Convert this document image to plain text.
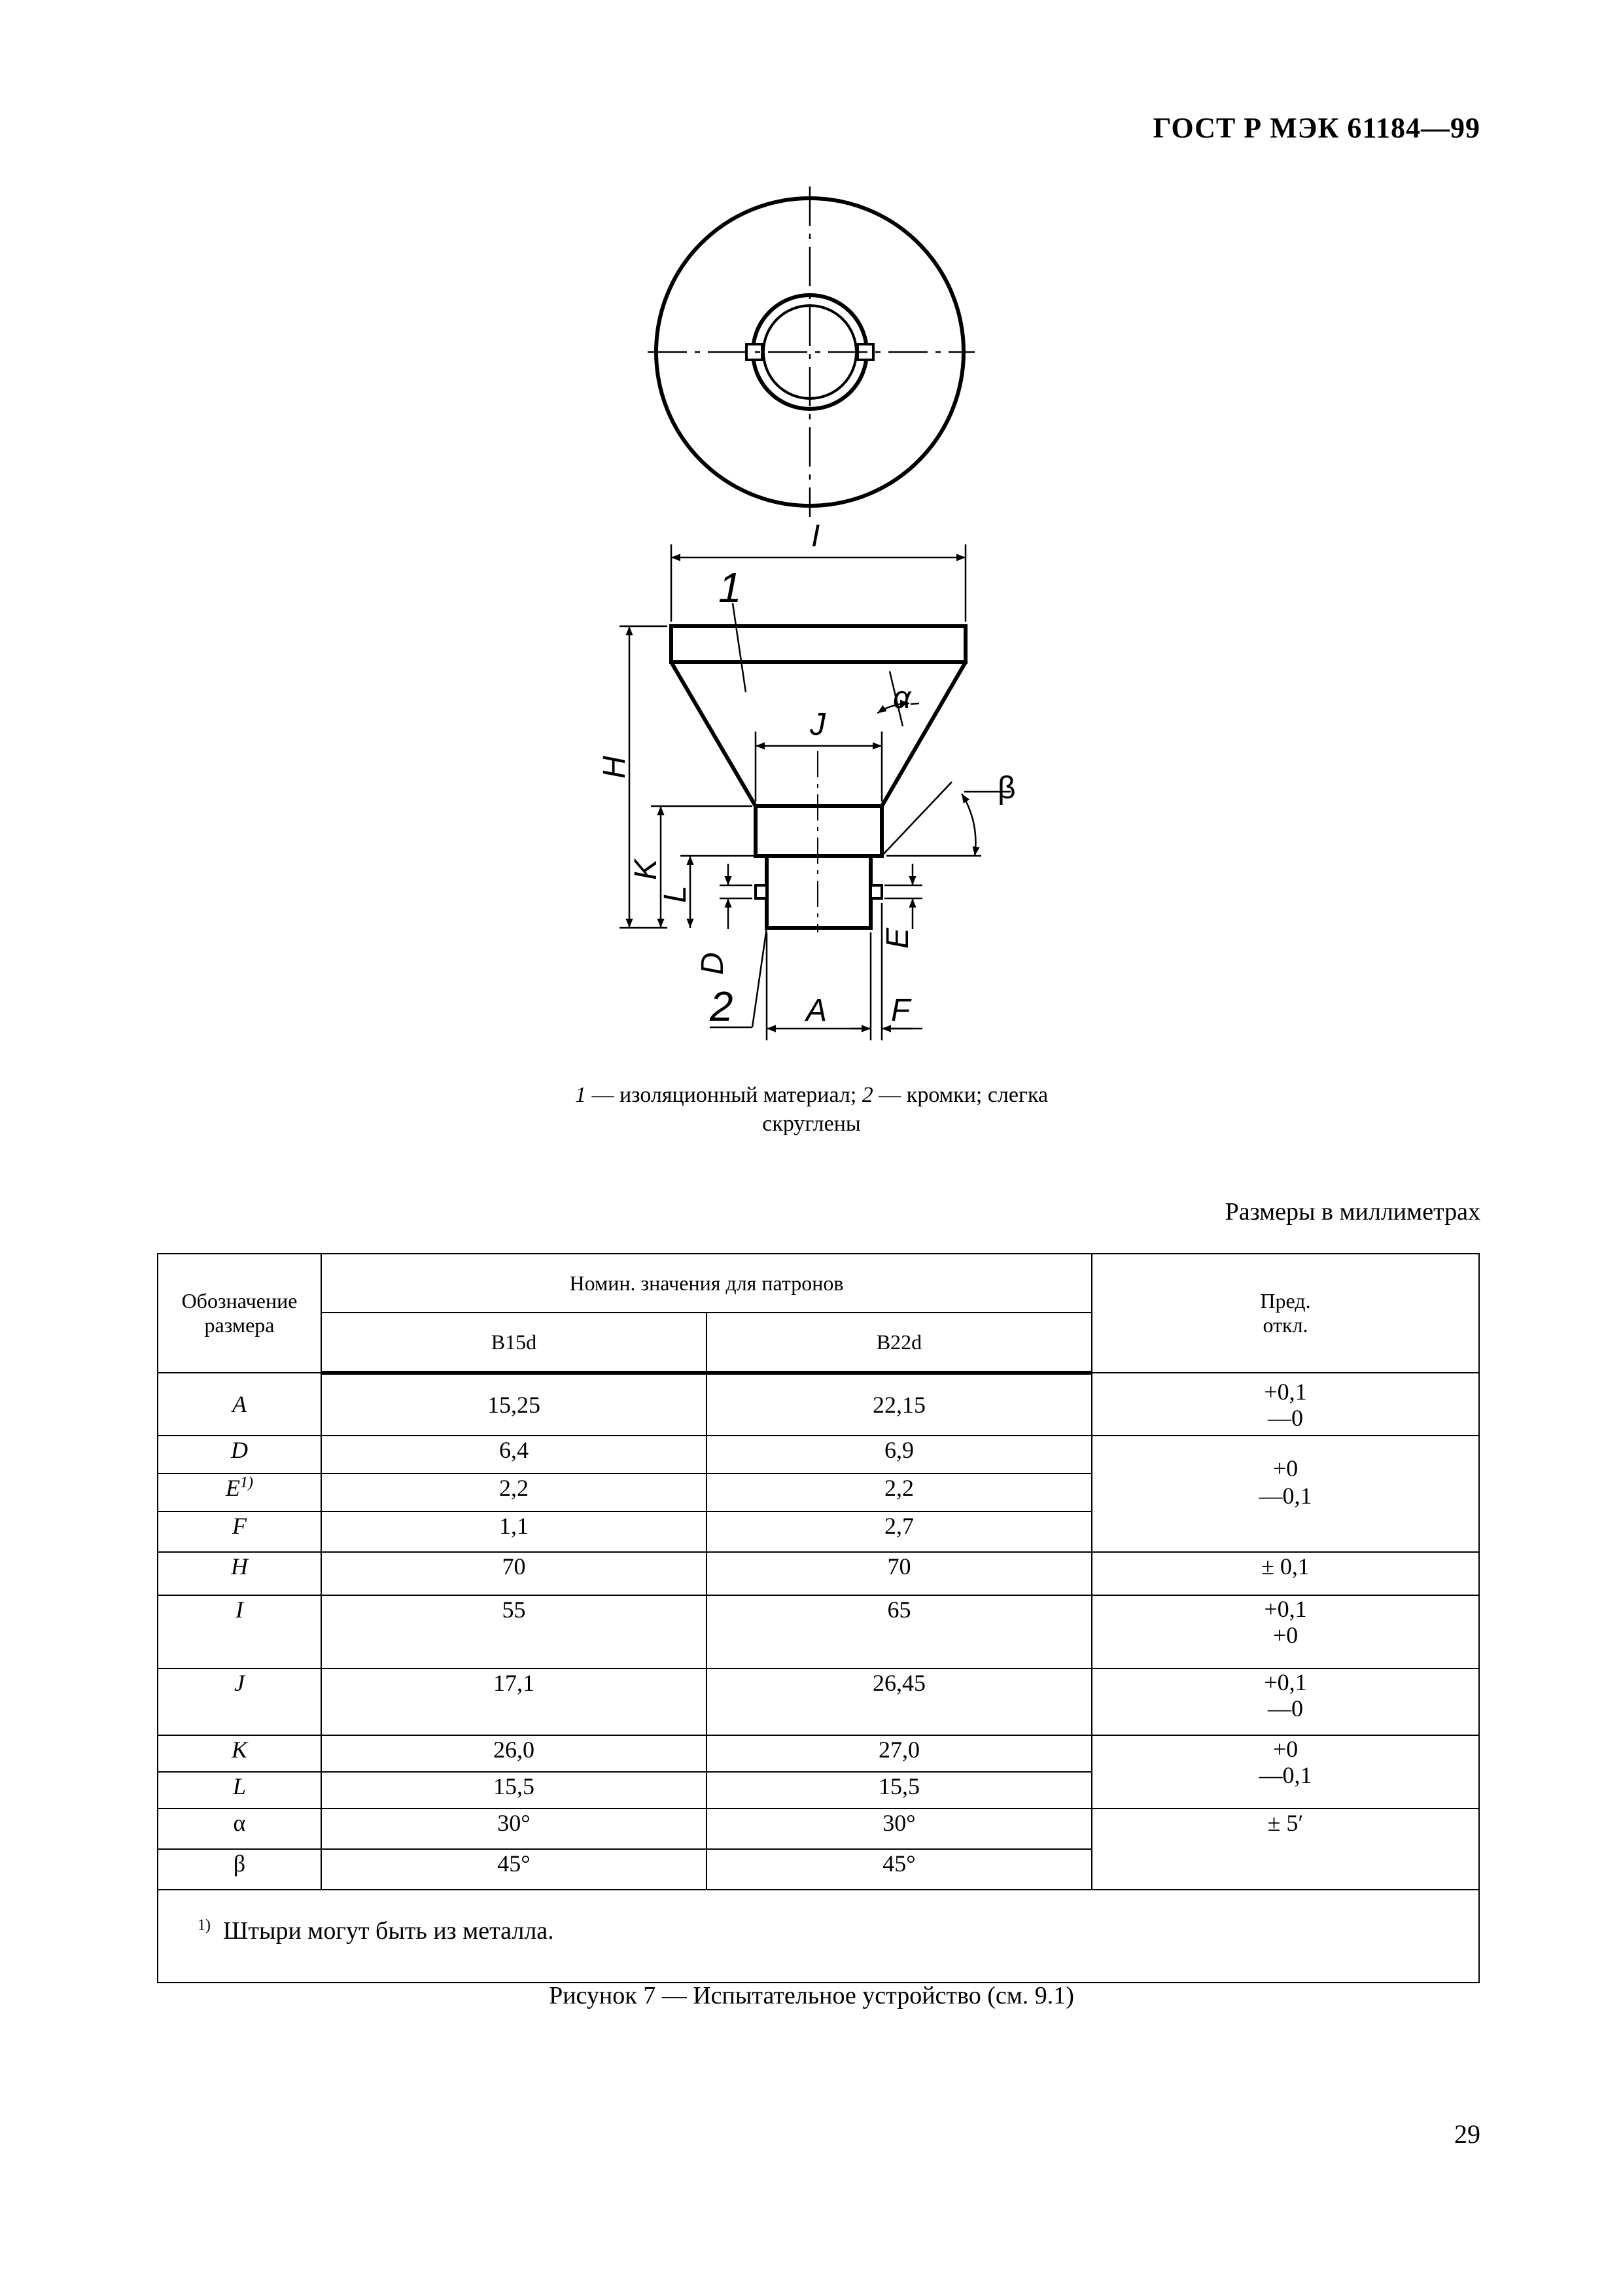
ГОСТ Р МЭК 61184—99
I
J
α
β
H
K
L
D
E
A F
1
2
1 — изоляционный материал; 2 — кромки; слегка
скруглены
Размеры в миллиметрах
Обозначение размера	Номин. значения для патронов		Пред. откл.
	B15d	B22d	
A	15,25	22,15	+0,1
—0
D	6,4	6,9	+0
—0,1
$E^{1)}$	2,2	2,2	
F	1,1	2,7	
H	70	70	± 0,1
I	55	65	+0,1
+0
J	17,1	26,45	+0,1
—0
K	26,0	27,0	+0
—0,1
L	15,5	15,5	
α	30°	30°	± 5′
β	45°	45°	
$^{1)}$ Штыри могут быть из металла.			
Рисунок 7 — Испытательное устройство (см. 9.1)
29
